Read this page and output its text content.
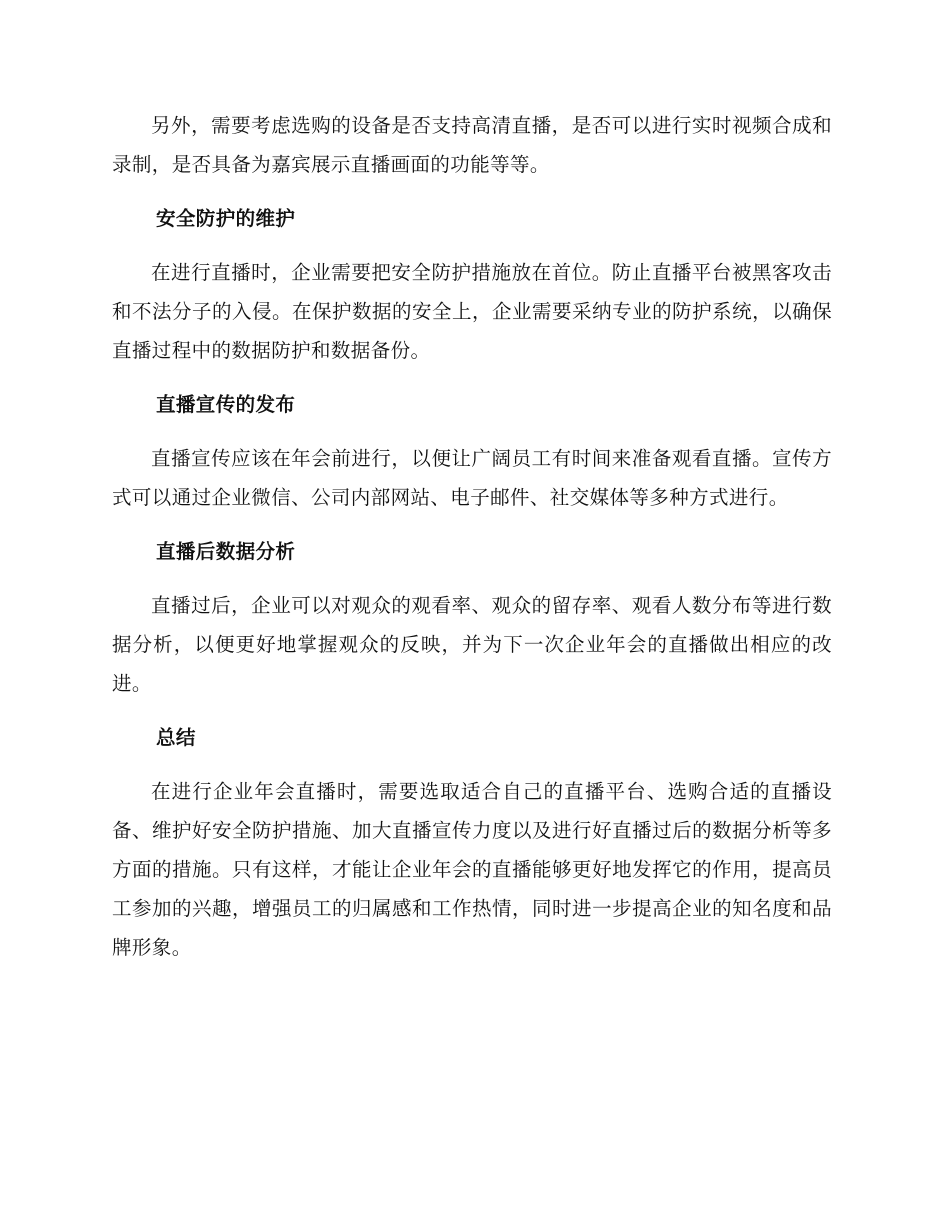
另外，需要考虑选购的设备是否支持高清直播，是否可以进行实时视频合成和录制，是否具备为嘉宾展示直播画面的功能等等。

安全防护的维护

在进行直播时，企业需要把安全防护措施放在首位。防止直播平台被黑客攻击和不法分子的入侵。在保护数据的安全上，企业需要采纳专业的防护系统，以确保直播过程中的数据防护和数据备份。

直播宣传的发布

直播宣传应该在年会前进行，以便让广阔员工有时间来准备观看直播。宣传方式可以通过企业微信、公司内部网站、电子邮件、社交媒体等多种方式进行。

直播后数据分析

直播过后，企业可以对观众的观看率、观众的留存率、观看人数分布等进行数据分析，以便更好地掌握观众的反映，并为下一次企业年会的直播做出相应的改进。

总结

在进行企业年会直播时，需要选取适合自己的直播平台、选购合适的直播设备、维护好安全防护措施、加大直播宣传力度以及进行好直播过后的数据分析等多方面的措施。只有这样，才能让企业年会的直播能够更好地发挥它的作用，提高员工参加的兴趣，增强员工的归属感和工作热情，同时进一步提高企业的知名度和品牌形象。
